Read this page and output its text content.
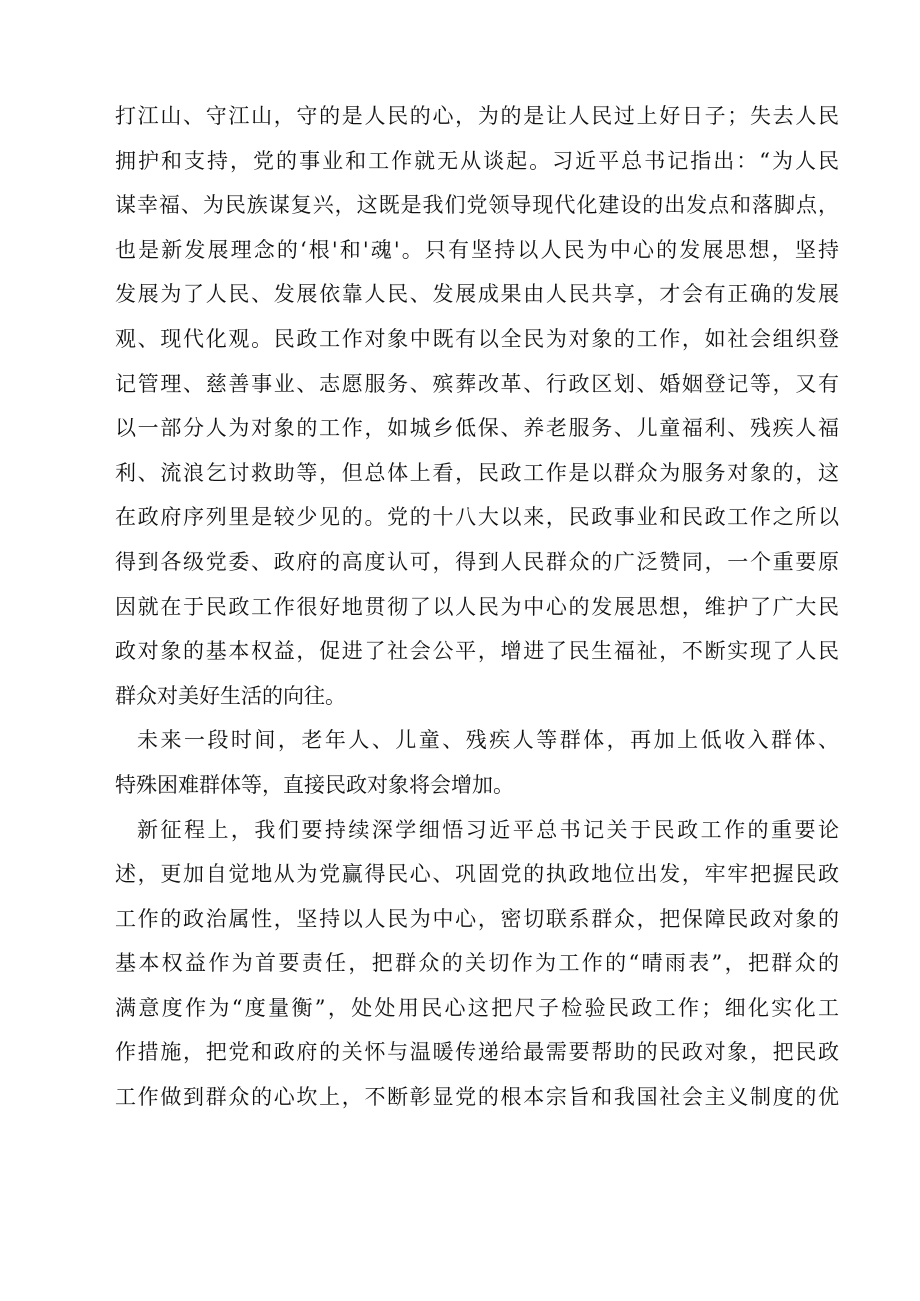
打江山、守江山，守的是人民的心，为的是让人民过上好日子；失去人民
拥护和支持，党的事业和工作就无从谈起。习近平总书记指出：“为人民
谋幸福、为民族谋复兴，这既是我们党领导现代化建设的出发点和落脚点，
也是新发展理念的‘根'和'魂'。只有坚持以人民为中心的发展思想，坚持
发展为了人民、发展依靠人民、发展成果由人民共享，才会有正确的发展
观、现代化观。民政工作对象中既有以全民为对象的工作，如社会组织登
记管理、慈善事业、志愿服务、殡葬改革、行政区划、婚姻登记等，又有
以一部分人为对象的工作，如城乡低保、养老服务、儿童福利、残疾人福
利、流浪乞讨救助等，但总体上看，民政工作是以群众为服务对象的，这
在政府序列里是较少见的。党的十八大以来，民政事业和民政工作之所以
得到各级党委、政府的高度认可，得到人民群众的广泛赞同，一个重要原
因就在于民政工作很好地贯彻了以人民为中心的发展思想，维护了广大民
政对象的基本权益，促进了社会公平，增进了民生福祉，不断实现了人民
群众对美好生活的向往。
未来一段时间，老年人、儿童、残疾人等群体，再加上低收入群体、
特殊困难群体等，直接民政对象将会增加。
新征程上，我们要持续深学细悟习近平总书记关于民政工作的重要论
述，更加自觉地从为党赢得民心、巩固党的执政地位出发，牢牢把握民政
工作的政治属性，坚持以人民为中心，密切联系群众，把保障民政对象的
基本权益作为首要责任，把群众的关切作为工作的“晴雨表”，把群众的
满意度作为“度量衡”，处处用民心这把尺子检验民政工作；细化实化工
作措施，把党和政府的关怀与温暖传递给最需要帮助的民政对象，把民政
工作做到群众的心坎上，不断彰显党的根本宗旨和我国社会主义制度的优
